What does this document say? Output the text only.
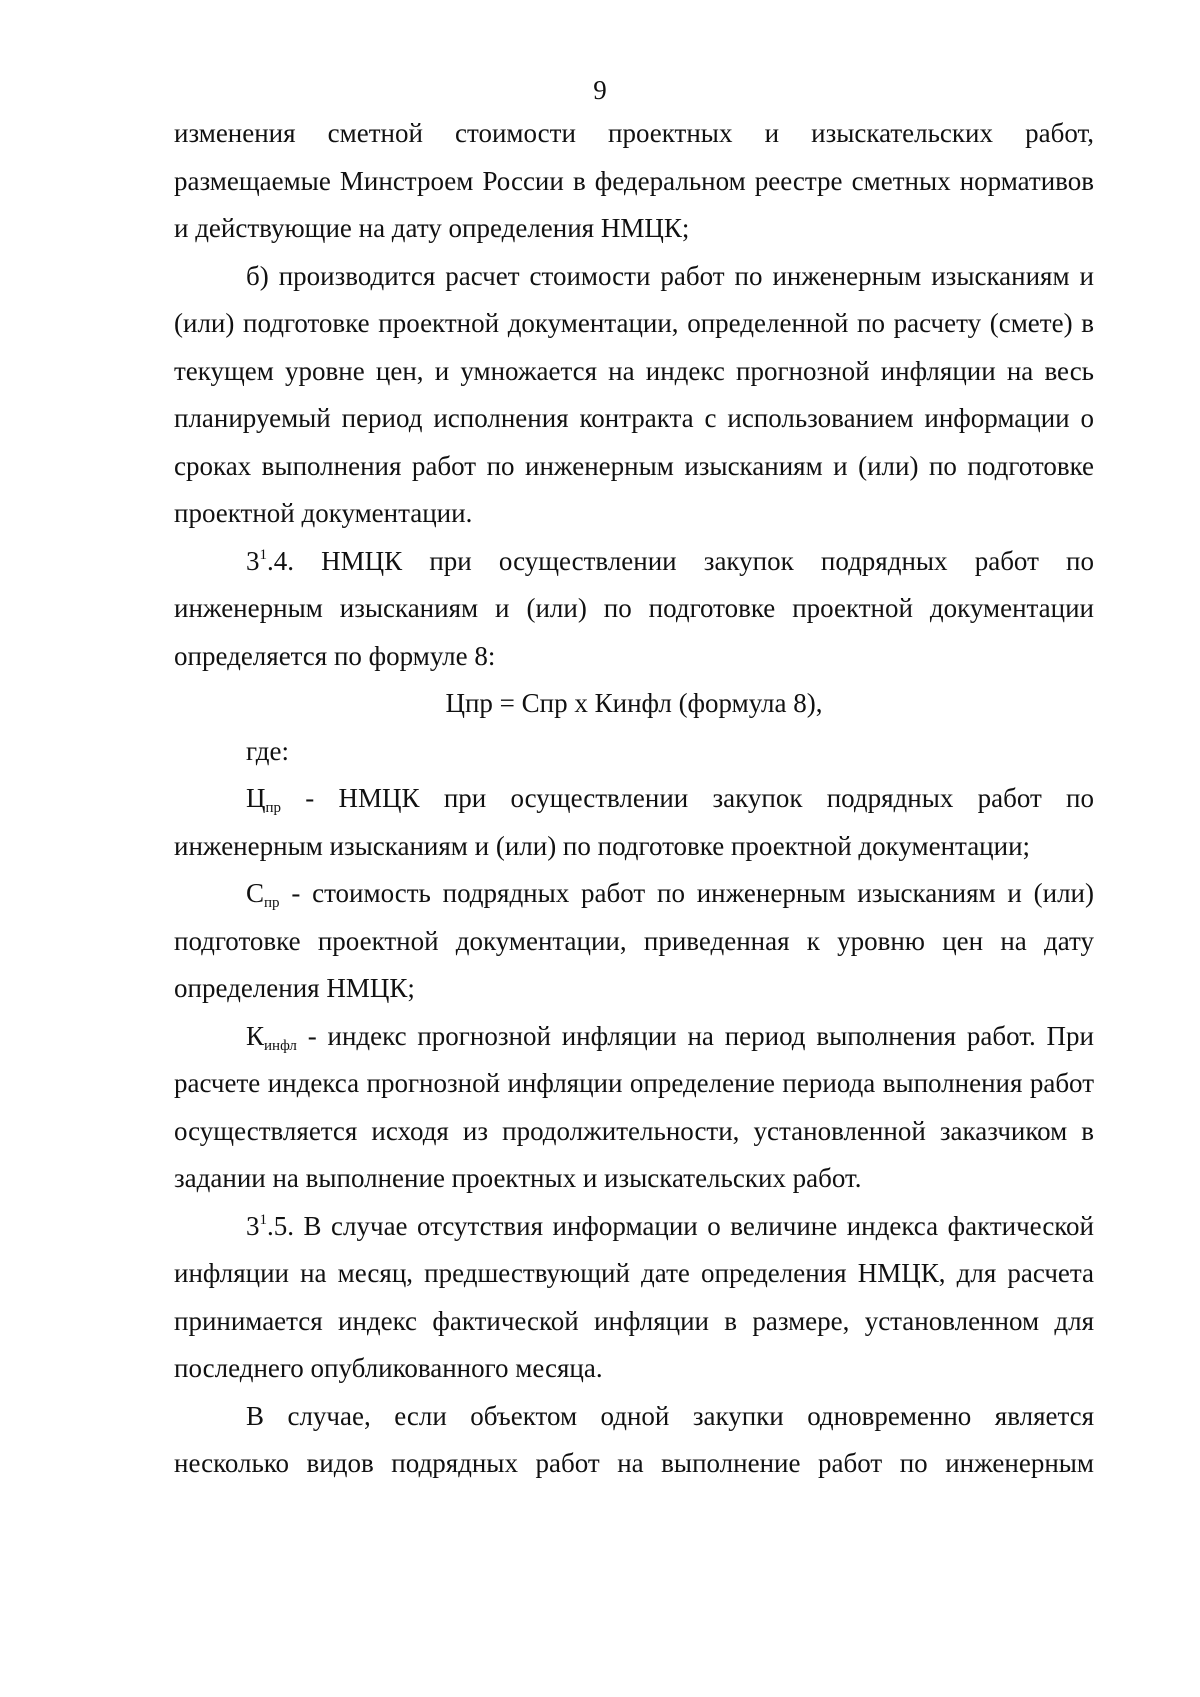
9

изменения сметной стоимости проектных и изыскательских работ, размещаемые Минстроем России в федеральном реестре сметных нормативов и действующие на дату определения НМЦК;

б) производится расчет стоимости работ по инженерным изысканиям и (или) подготовке проектной документации, определенной по расчету (смете) в текущем уровне цен, и умножается на индекс прогнозной инфляции на весь планируемый период исполнения контракта с использованием информации о сроках выполнения работ по инженерным изысканиям и (или) по подготовке проектной документации.

$3^1.4$. НМЦК при осуществлении закупок подрядных работ по инженерным изысканиям и (или) по подготовке проектной документации определяется по формуле 8:

Цпр = Спр х Кинфл (формула 8),

где:

$Ц_{пр}$ - НМЦК при осуществлении закупок подрядных работ по инженерным изысканиям и (или) по подготовке проектной документации;

$С_{пр}$ - стоимость подрядных работ по инженерным изысканиям и (или) подготовке проектной документации, приведенная к уровню цен на дату определения НМЦК;

$К_{инфл}$ - индекс прогнозной инфляции на период выполнения работ. При расчете индекса прогнозной инфляции определение периода выполнения работ осуществляется исходя из продолжительности, установленной заказчиком в задании на выполнение проектных и изыскательских работ.

$3^1.5$. В случае отсутствия информации о величине индекса фактической инфляции на месяц, предшествующий дате определения НМЦК, для расчета принимается индекс фактической инфляции в размере, установленном для последнего опубликованного месяца.

В случае, если объектом одной закупки одновременно является несколько видов подрядных работ на выполнение работ по инженерным
